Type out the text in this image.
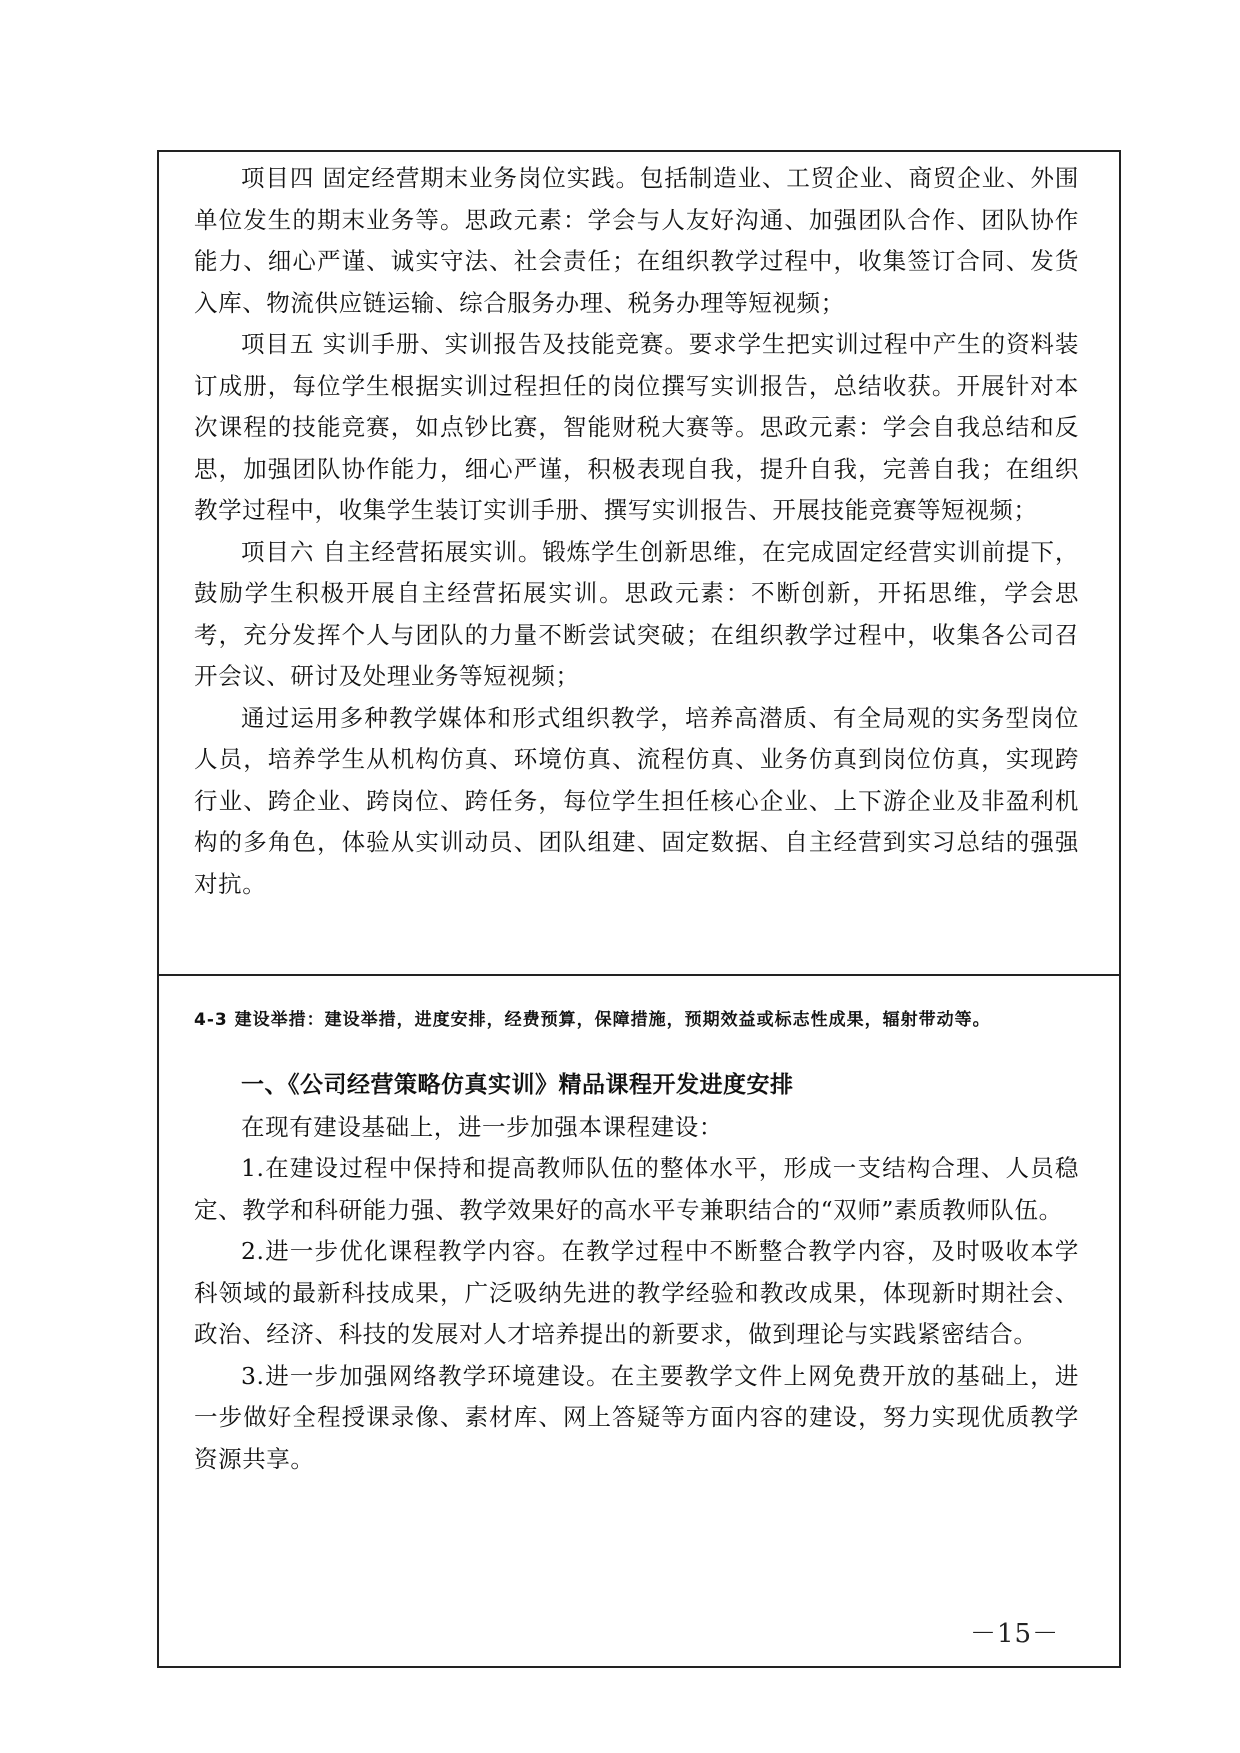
项目四 固定经营期末业务岗位实践。包括制造业、工贸企业、商贸企业、外围单位发生的期末业务等。思政元素：学会与人友好沟通、加强团队合作、团队协作能力、细心严谨、诚实守法、社会责任；在组织教学过程中，收集签订合同、发货入库、物流供应链运输、综合服务办理、税务办理等短视频；

项目五 实训手册、实训报告及技能竞赛。要求学生把实训过程中产生的资料装订成册，每位学生根据实训过程担任的岗位撰写实训报告，总结收获。开展针对本次课程的技能竞赛，如点钞比赛，智能财税大赛等。思政元素：学会自我总结和反思，加强团队协作能力，细心严谨，积极表现自我，提升自我，完善自我；在组织教学过程中，收集学生装订实训手册、撰写实训报告、开展技能竞赛等短视频；

项目六 自主经营拓展实训。锻炼学生创新思维，在完成固定经营实训前提下，鼓励学生积极开展自主经营拓展实训。思政元素：不断创新，开拓思维，学会思考，充分发挥个人与团队的力量不断尝试突破；在组织教学过程中，收集各公司召开会议、研讨及处理业务等短视频；

通过运用多种教学媒体和形式组织教学，培养高潜质、有全局观的实务型岗位人员，培养学生从机构仿真、环境仿真、流程仿真、业务仿真到岗位仿真，实现跨行业、跨企业、跨岗位、跨任务，每位学生担任核心企业、上下游企业及非盈利机构的多角色，体验从实训动员、团队组建、固定数据、自主经营到实习总结的强强对抗。

4-3 建设举措：建设举措，进度安排，经费预算，保障措施，预期效益或标志性成果，辐射带动等。

一、《公司经营策略仿真实训》精品课程开发进度安排

在现有建设基础上，进一步加强本课程建设：

1.在建设过程中保持和提高教师队伍的整体水平，形成一支结构合理、人员稳定、教学和科研能力强、教学效果好的高水平专兼职结合的“双师”素质教师队伍。

2.进一步优化课程教学内容。在教学过程中不断整合教学内容，及时吸收本学科领域的最新科技成果，广泛吸纳先进的教学经验和教改成果，体现新时期社会、政治、经济、科技的发展对人才培养提出的新要求，做到理论与实践紧密结合。

3.进一步加强网络教学环境建设。在主要教学文件上网免费开放的基础上，进一步做好全程授课录像、素材库、网上答疑等方面内容的建设，努力实现优质教学资源共享。

－15－
